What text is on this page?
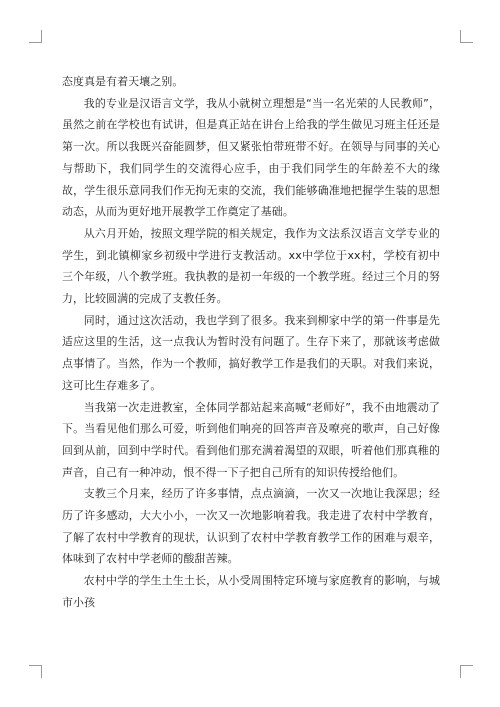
态度真是有着天壤之别。

我的专业是汉语言文学，我从小就树立理想是“当一名光荣的人民教师”，虽然之前在学校也有试讲，但是真正站在讲台上给我的学生做见习班主任还是第一次。所以我既兴奋能圆梦，但又紧张怕带班带不好。在领导与同事的关心与帮助下，我们同学生的交流得心应手，由于我们同学生的年龄差不大的缘故，学生很乐意同我们作无拘无束的交流，我们能够确准地把握学生装的思想动态，从而为更好地开展教学工作奠定了基础。

从六月开始，按照文理学院的相关规定，我作为文法系汉语言文学专业的学生，到北镇柳家乡初级中学进行支教活动。xx中学位于xx村，学校有初中三个年级，八个教学班。我执教的是初一年级的一个教学班。经过三个月的努力，比较圆满的完成了支教任务。

同时，通过这次活动，我也学到了很多。我来到柳家中学的第一件事是先适应这里的生活，这一点我认为暂时没有问题了。生存下来了，那就该考虑做点事情了。当然，作为一个教师，搞好教学工作是我们的天职。对我们来说，这可比生存难多了。

当我第一次走进教室，全体同学都站起来高喊“老师好”，我不由地震动了下。当看见他们那么可爱，听到他们响亮的回答声音及嘹亮的歌声，自己好像回到从前，回到中学时代。看到他们那充满着渴望的双眼，听着他们那真稚的声音，自己有一种冲动，恨不得一下子把自己所有的知识传授给他们。

支教三个月来，经历了许多事情，点点滴滴，一次又一次地让我深思；经历了许多感动，大大小小，一次又一次地影响着我。我走进了农村中学教育，了解了农村中学教育的现状，认识到了农村中学教育教学工作的困难与艰辛，体味到了农村中学老师的酸甜苦辣。

农村中学的学生土生土长，从小受周围特定环境与家庭教育的影响，与城市小孩
